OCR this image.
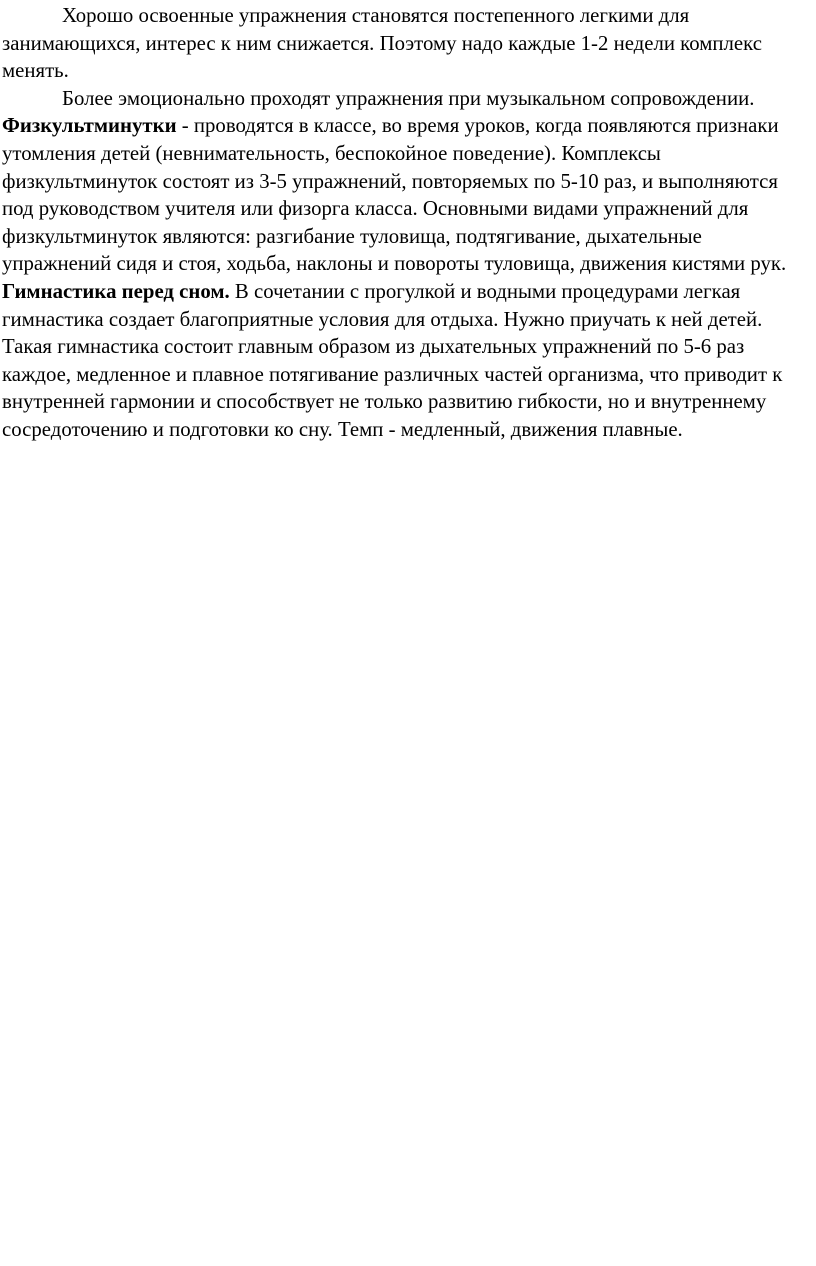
Хорошо освоенные упражнения становятся постепенного легкими для занимающихся, интерес к ним снижается. Поэтому надо каждые 1-2 недели комплекс менять.

Более эмоционально проходят упражнения при музыкальном сопровождении.

Физкультминутки - проводятся в классе, во время уроков, когда появляются признаки утомления детей (невнимательность, беспокойное поведение). Комплексы физкультминуток состоят из 3-5 упражнений, повторяемых по 5-10 раз, и выполняются под руководством учителя или физорга класса. Основными видами упражнений для физкультминуток являются: разгибание туловища, подтягивание, дыхательные упражнений сидя и стоя, ходьба, наклоны и повороты туловища, движения кистями рук.

Гимнастика перед сном. В сочетании с прогулкой и водными процедурами легкая гимнастика создает благоприятные условия для отдыха. Нужно приучать к ней детей. Такая гимнастика состоит главным образом из дыхательных упражнений по 5-6 раз каждое, медленное и плавное потягивание различных частей организма, что приводит к внутренней гармонии и способствует не только развитию гибкости, но и внутреннему сосредоточению и подготовки ко сну. Темп - медленный, движения плавные.
